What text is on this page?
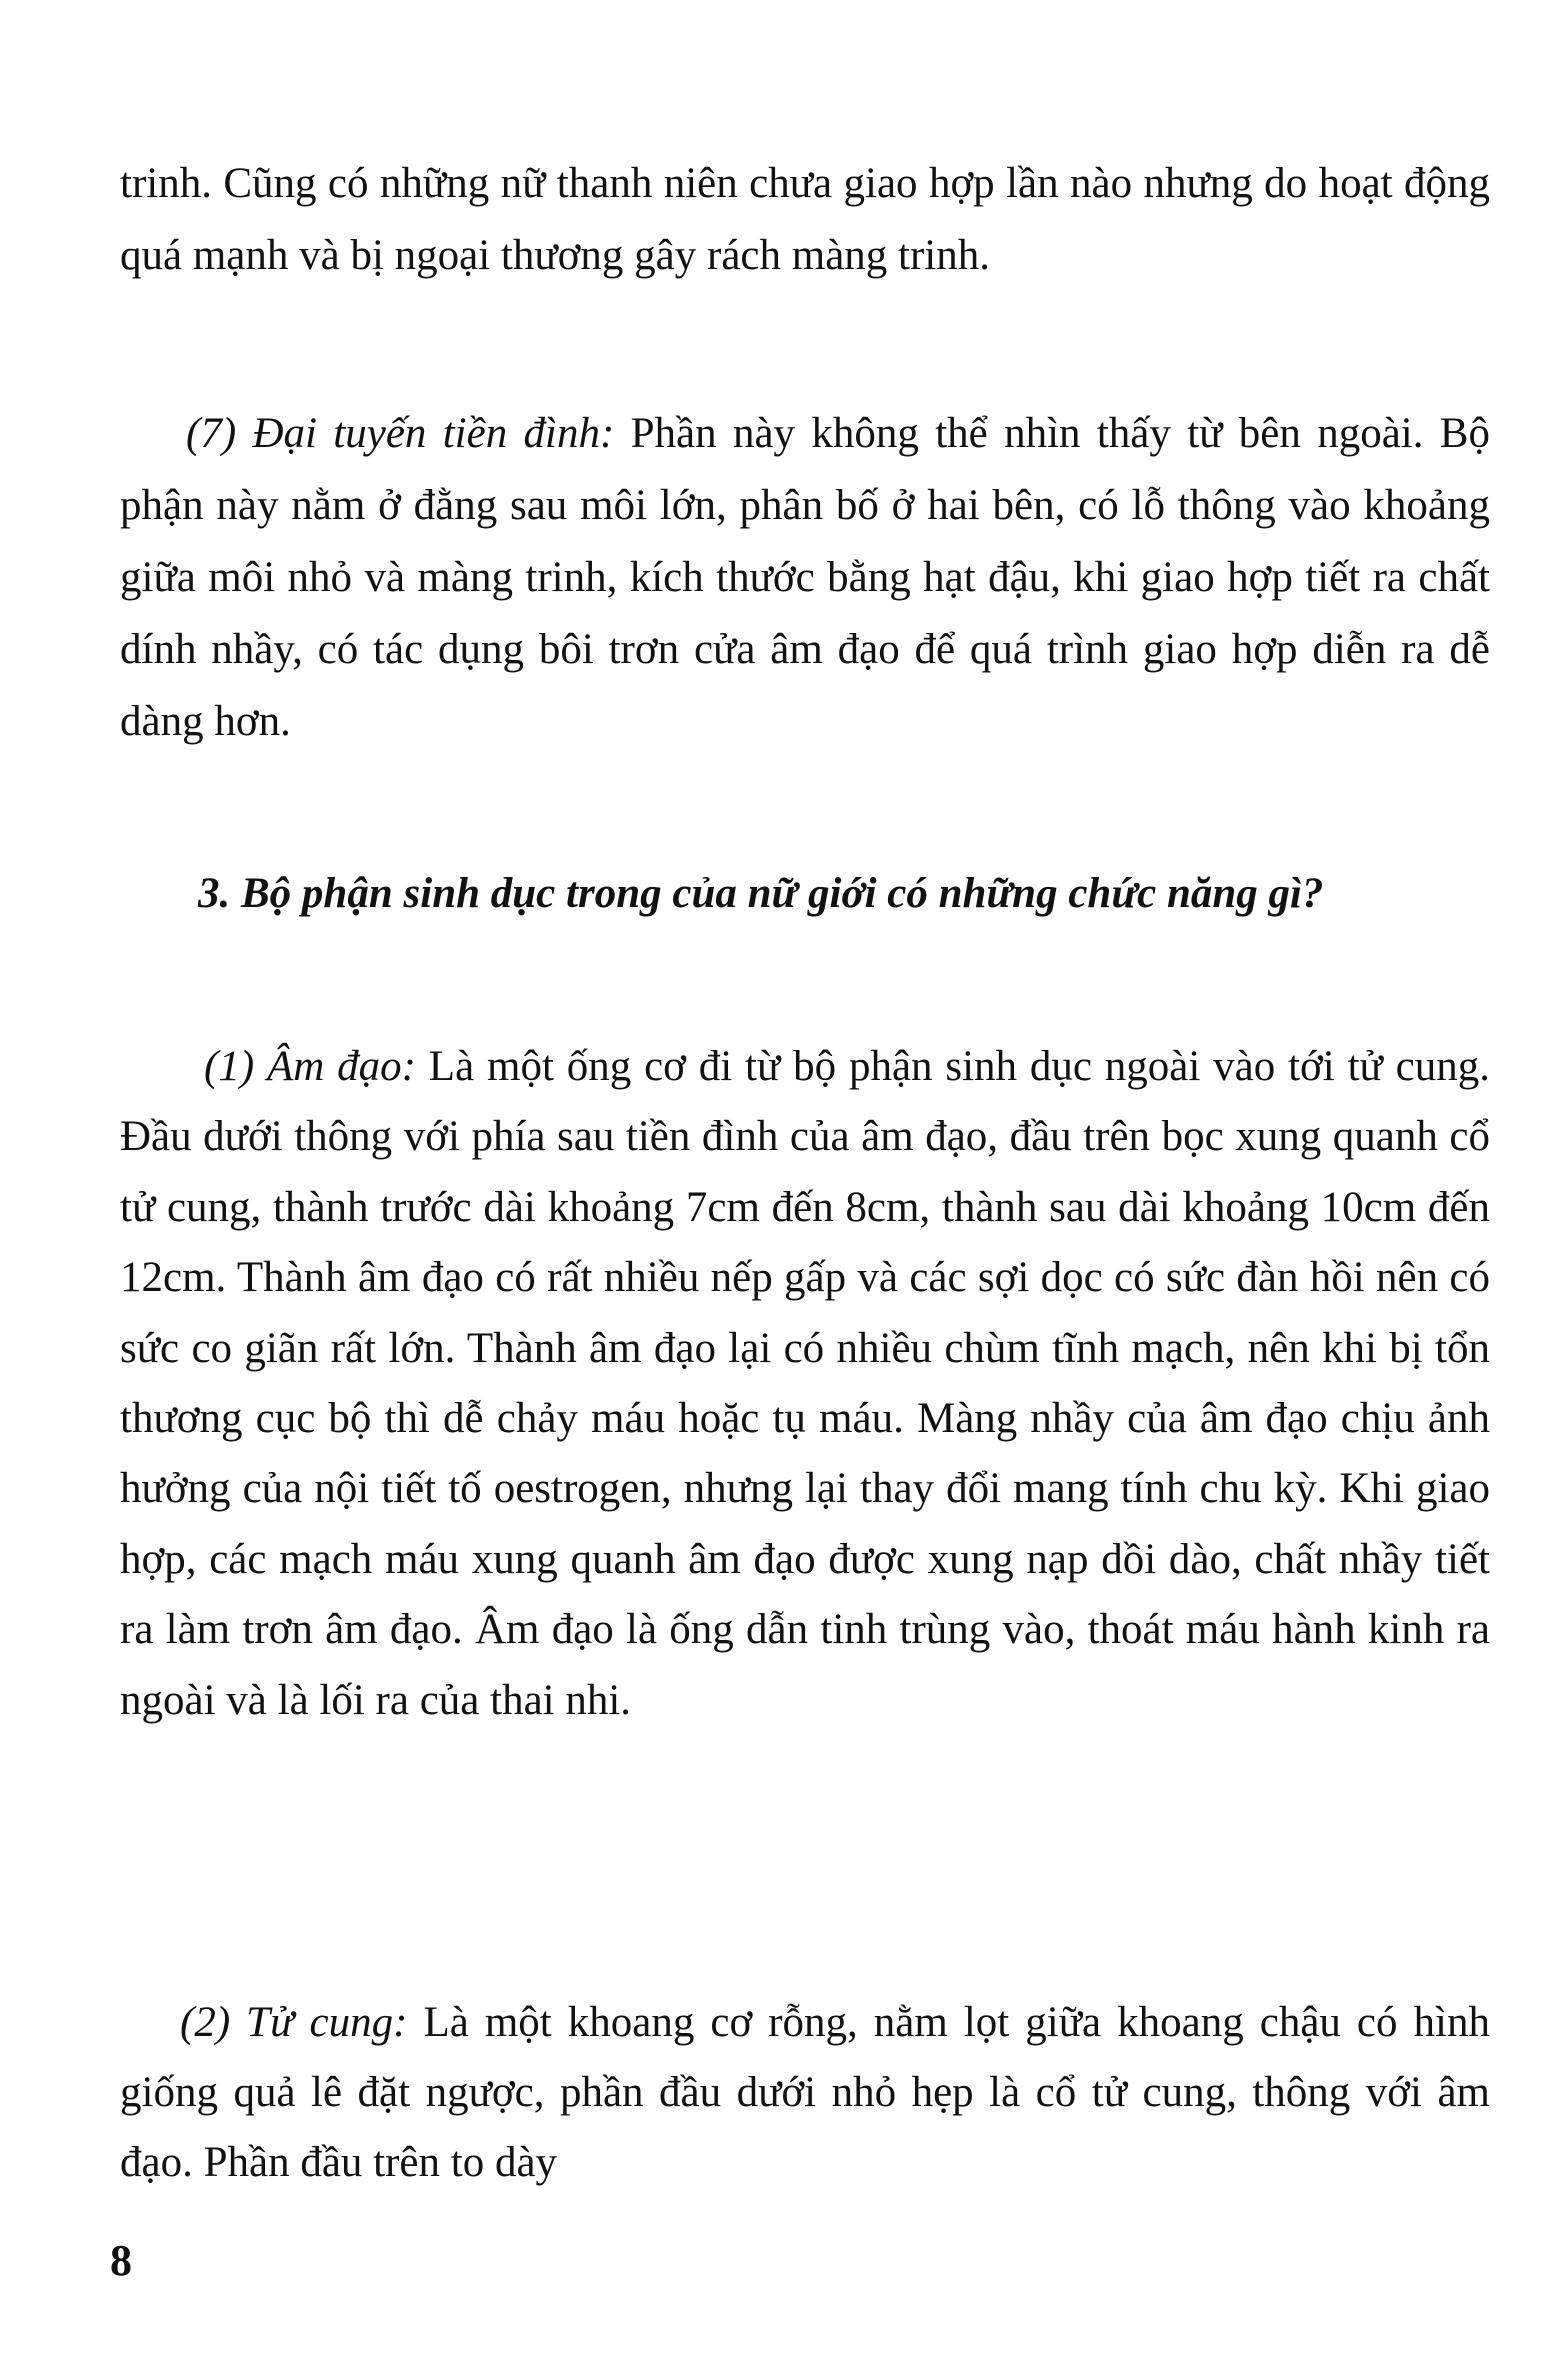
trinh. Cũng có những nữ thanh niên chưa giao hợp lần nào nhưng do hoạt động quá mạnh và bị ngoại thương gây rách màng trinh.

(7) Đại tuyến tiền đình: Phần này không thể nhìn thấy từ bên ngoài. Bộ phận này nằm ở đằng sau môi lớn, phân bố ở hai bên, có lỗ thông vào khoảng giữa môi nhỏ và màng trinh, kích thước bằng hạt đậu, khi giao hợp tiết ra chất dính nhầy, có tác dụng bôi trơn cửa âm đạo để quá trình giao hợp diễn ra dễ dàng hơn.

3. Bộ phận sinh dục trong của nữ giới có những chức năng gì?

(1) Âm đạo: Là một ống cơ đi từ bộ phận sinh dục ngoài vào tới tử cung. Đầu dưới thông với phía sau tiền đình của âm đạo, đầu trên bọc xung quanh cổ tử cung, thành trước dài khoảng 7cm đến 8cm, thành sau dài khoảng 10cm đến 12cm. Thành âm đạo có rất nhiều nếp gấp và các sợi dọc có sức đàn hồi nên có sức co giãn rất lớn. Thành âm đạo lại có nhiều chùm tĩnh mạch, nên khi bị tổn thương cục bộ thì dễ chảy máu hoặc tụ máu. Màng nhầy của âm đạo chịu ảnh hưởng của nội tiết tố oestrogen, nhưng lại thay đổi mang tính chu kỳ. Khi giao hợp, các mạch máu xung quanh âm đạo được xung nạp dồi dào, chất nhầy tiết ra làm trơn âm đạo. Âm đạo là ống dẫn tinh trùng vào, thoát máu hành kinh ra ngoài và là lối ra của thai nhi.

(2) Tử cung: Là một khoang cơ rỗng, nằm lọt giữa khoang chậu có hình giống quả lê đặt ngược, phần đầu dưới nhỏ hẹp là cổ tử cung, thông với âm đạo. Phần đầu trên to dày

8
